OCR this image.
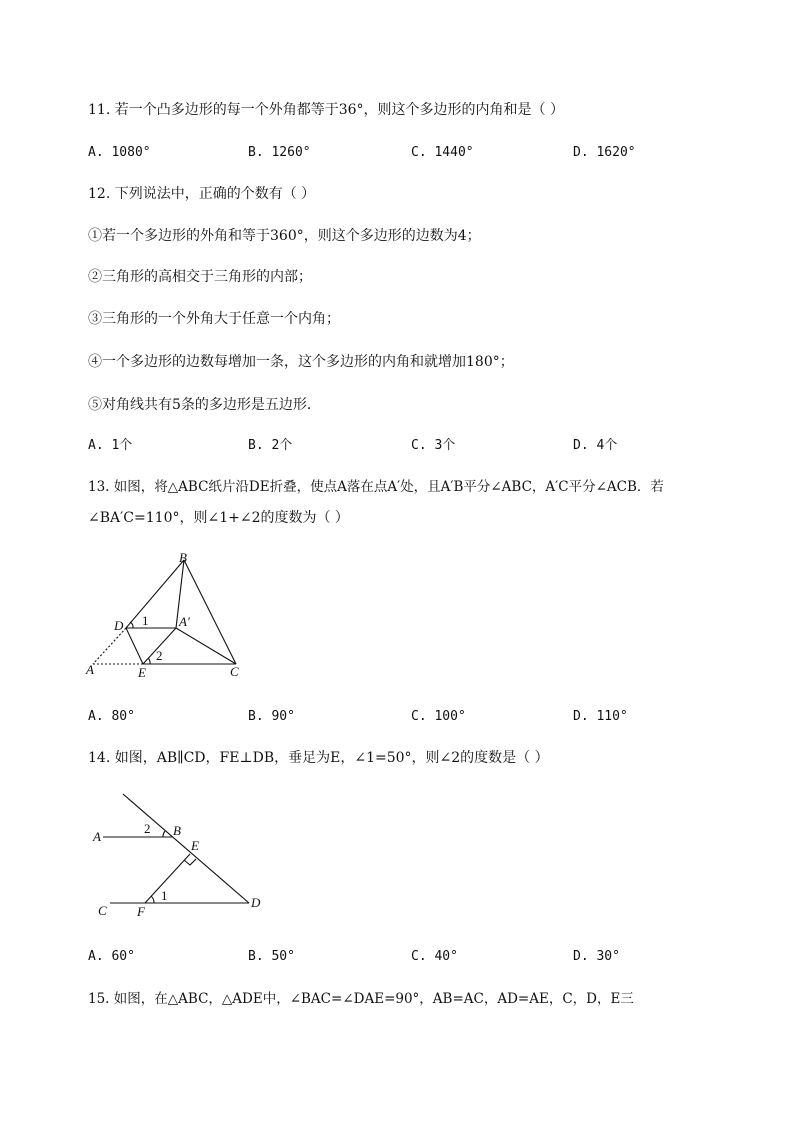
11. 若一个凸多边形的每一个外角都等于36°，则这个多边形的内角和是（ ）
A. 1080°	B. 1260°	C. 1440°	D. 1620°
12. 下列说法中，正确的个数有（ ）
①若一个多边形的外角和等于360°，则这个多边形的边数为4；
②三角形的高相交于三角形的内部；
③三角形的一个外角大于任意一个内角；
④一个多边形的边数每增加一条，这个多边形的内角和就增加180°；
⑤对角线共有5条的多边形是五边形．
A. 1个	B. 2个	C. 3个	D. 4个
13. 如图，将△ABC纸片沿DE折叠，使点A落在点A′处，且A′B平分∠ABC，A′C平分∠ACB．若
∠BA′C=110°，则∠1+∠2的度数为（ ）
B
D	A′
A	E	C
1
2
A. 80°	B. 90°	C. 100°	D. 110°
14. 如图，AB∥CD，FE⊥DB，垂足为E，∠1=50°，则∠2的度数是（ ）
A	B
E
C F
D
1
2
A. 60°	B. 50°	C. 40°	D. 30°
15. 如图，在△ABC，△ADE中，∠BAC=∠DAE=90°，AB=AC，AD=AE，C，D，E三
